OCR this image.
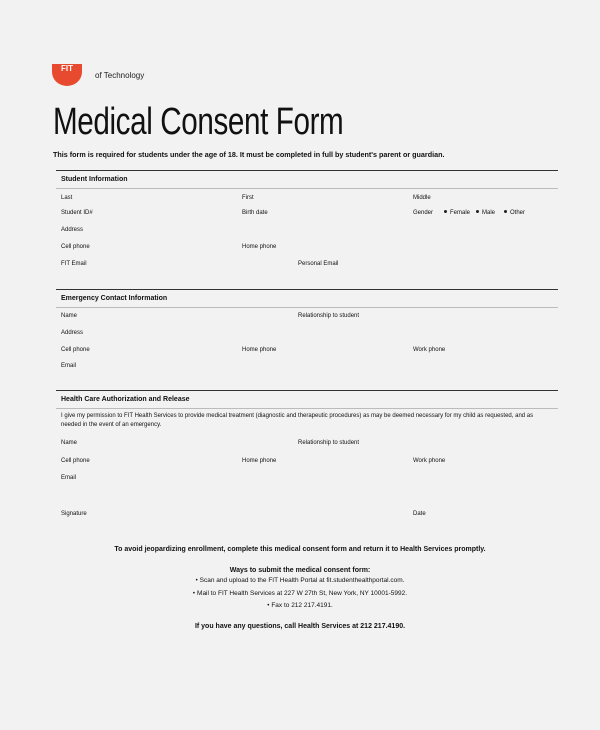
FIT
of Technology
Medical Consent Form
This form is required for students under the age of 18. It must be completed in full by student's parent or guardian.
Student Information
Last	First	Middle
Student ID#	Birth date	Gender	Female	Male	Other
Address
Cell phone	Home phone
FIT Email	Personal Email
Emergency Contact Information
Name	Relationship to student
Address
Cell phone	Home phone	Work phone
Email
Health Care Authorization and Release
I give my permission to FIT Health Services to provide medical treatment (diagnostic and therapeutic procedures) as may be deemed necessary for my child as requested, and as needed in the event of an emergency.
Name	Relationship to student
Cell phone	Home phone	Work phone
Email
Signature	Date
To avoid jeopardizing enrollment, complete this medical consent form and return it to Health Services promptly.
Ways to submit the medical consent form:
• Scan and upload to the FIT Health Portal at fit.studenthealthportal.com.
• Mail to FIT Health Services at 227 W 27th St, New York, NY 10001-5992.
• Fax to 212 217.4191.
If you have any questions, call Health Services at 212 217.4190.
